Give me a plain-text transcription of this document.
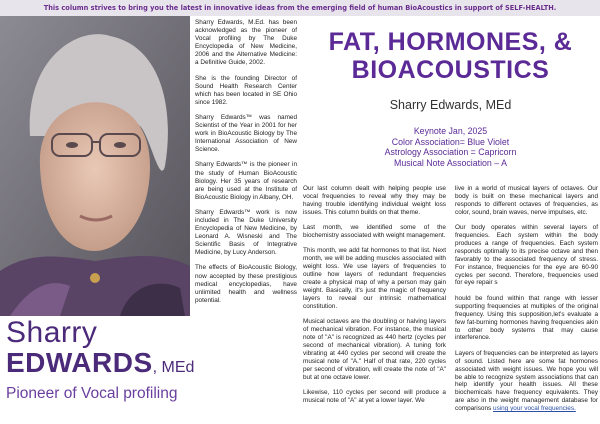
This column strives to bring you the latest in innovative ideas from the emerging field of human BioAcoustics in support of SELF-HEALTH.
Sharry
EDWARDS, MEd
Pioneer of Vocal profiling

Sharry Edwards, M.Ed. has been acknowledged as the pioneer of Vocal profiling by The Duke Encyclopedia of New Medicine, 2006 and the Alternative Medicine: a Definitive Guide, 2002.

She is the founding Director of Sound Health Research Center which has been located in SE Ohio since 1982.

Sharry Edwards™ was named Scientist of the Year in 2001 for her work in BioAcoustic Biology by The International Association of New Science.

Sharry Edwards™ is the pioneer in the study of Human BioAcoustic Biology. Her 35 years of research are being used at the Institute of BioAcoustic Biology in Albany, OH.

Sharry Edwards™ work is now included in The Duke University Encyclopedia of New Medicine, by Leonard A. Wisneski and The Scientific Basis of Integrative Medicine, by Lucy Anderson.

The effects of BioAcoustic Biology, now accepted by these prestigious medical encyclopedias, have unlimited health and wellness potential.

FAT, HORMONES, &
BIOACOUSTICS
Sharry Edwards, MEd
Keynote Jan, 2025
Color Association= Blue Violet
Astrology Association = Capricorn
Musical Note Association – A

Our last column dealt with helping people use vocal frequencies to reveal why they may be having trouble identifying individual weight loss issues. This column builds on that theme.

Last month, we identified some of the biochemistry associated with weight management.

This month, we add fat hormones to that list. Next month, we will be adding muscles associated with weight loss. We use layers of frequencies to outline how layers of redundant frequencies create a physical map of why a person may gain weight. Basically, it's just the magic of frequency layers to reveal our intrinsic mathematical constitution.

Musical octaves are the doubling or halving layers of mechanical vibration. For instance, the musical note of "A" is recognized as 440 hertz (cycles per second of mechanical vibration). A tuning fork vibrating at 440 cycles per second will create the musical note of "A." Half of that rate, 220 cycles per second of vibration, will create the note of "A" but at one octave lower.

Likewise, 110 cycles per second will produce a musical note of "A" at yet a lower layer. We

live in a world of musical layers of octaves. Our body is built on these mechanical layers and responds to different octaves of frequencies, as color, sound, brain waves, nerve impulses, etc.

Our body operates within several layers of frequencies. Each system within the body produces a range of frequencies. Each system responds optimally to its precise octave and then favorably to the associated frequency of stress. For instance, frequencies for the eye are 60-90 cycles per second. Therefore, frequencies used for eye repair s

hould be found within that range with lesser supporting frequencies at multiples of the original frequency. Using this supposition,let's evaluate a few fat-burning hormones having frequencies akin to other body systems that may cause interference.

Layers of frequencies can be interpreted as layers of sound. Listed here are some fat hormones associated with weight issues. We hope you will be able to recognize system associations that can help identify your health issues. All these biochemicals have frequency equivalents. They are also in the weight management database for comparisons using your vocal frequencies.
